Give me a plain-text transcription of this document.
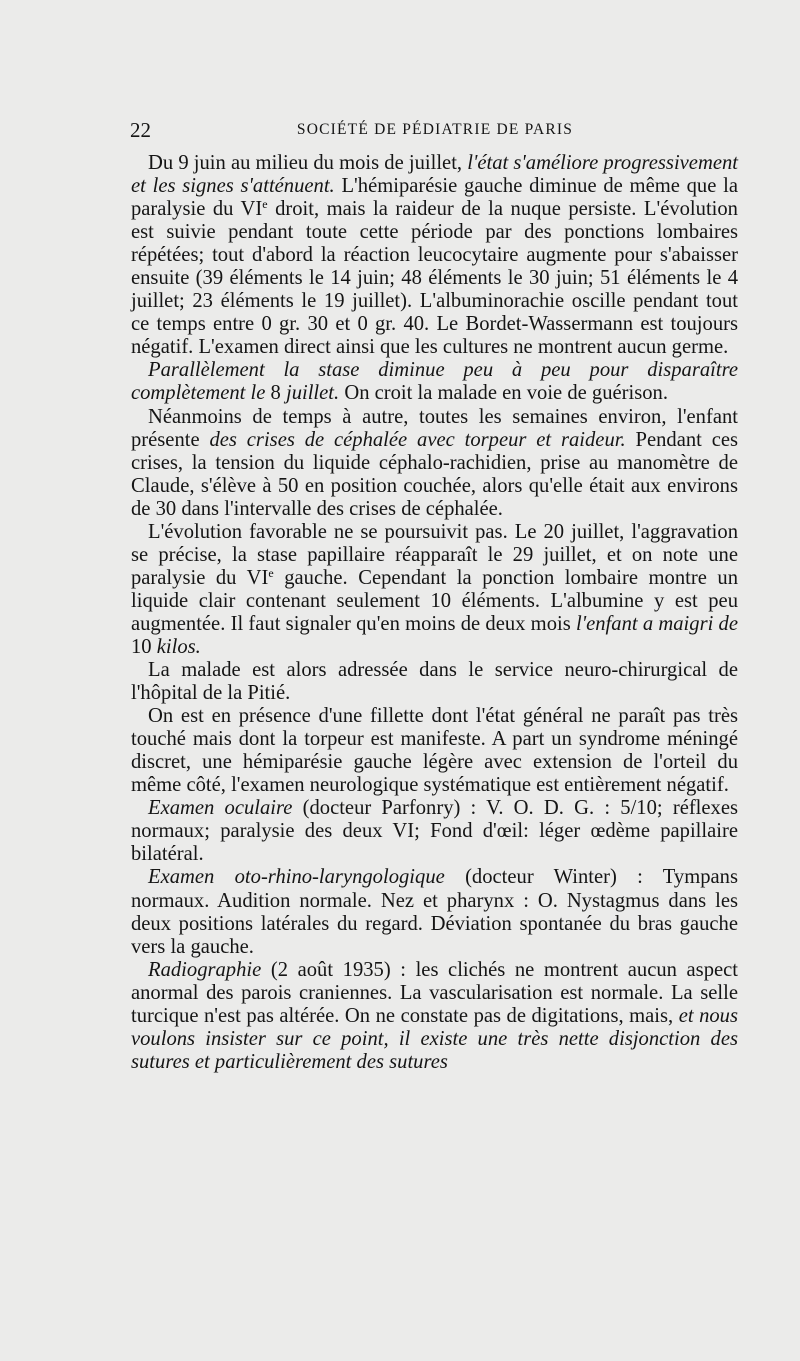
22	SOCIÉTÉ DE PÉDIATRIE DE PARIS

Du 9 juin au milieu du mois de juillet, l'état s'améliore progressivement et les signes s'atténuent. L'hémiparésie gauche diminue de même que la paralysie du VIe droit, mais la raideur de la nuque persiste. L'évolution est suivie pendant toute cette période par des ponctions lombaires répétées; tout d'abord la réaction leucocytaire augmente pour s'abaisser ensuite (39 éléments le 14 juin; 48 éléments le 30 juin; 51 éléments le 4 juillet; 23 éléments le 19 juillet). L'albuminorachie oscille pendant tout ce temps entre 0 gr. 30 et 0 gr. 40. Le Bordet-Wassermann est toujours négatif. L'examen direct ainsi que les cultures ne montrent aucun germe.

Parallèlement la stase diminue peu à peu pour disparaître complètement le 8 juillet. On croit la malade en voie de guérison.

Néanmoins de temps à autre, toutes les semaines environ, l'enfant présente des crises de céphalée avec torpeur et raideur. Pendant ces crises, la tension du liquide céphalo-rachidien, prise au manomètre de Claude, s'élève à 50 en position couchée, alors qu'elle était aux environs de 30 dans l'intervalle des crises de céphalée.

L'évolution favorable ne se poursuivit pas. Le 20 juillet, l'aggravation se précise, la stase papillaire réapparaît le 29 juillet, et on note une paralysie du VIe gauche. Cependant la ponction lombaire montre un liquide clair contenant seulement 10 éléments. L'albumine y est peu augmentée. Il faut signaler qu'en moins de deux mois l'enfant a maigri de 10 kilos.

La malade est alors adressée dans le service neuro-chirurgical de l'hôpital de la Pitié.

On est en présence d'une fillette dont l'état général ne paraît pas très touché mais dont la torpeur est manifeste. A part un syndrome méningé discret, une hémiparésie gauche légère avec extension de l'orteil du même côté, l'examen neurologique systématique est entièrement négatif.

Examen oculaire (docteur Parfonry) : V. O. D. G. : 5/10; réflexes normaux; paralysie des deux VI; Fond d'œil: léger œdème papillaire bilatéral.

Examen oto-rhino-laryngologique (docteur Winter) : Tympans normaux. Audition normale. Nez et pharynx : O. Nystagmus dans les deux positions latérales du regard. Déviation spontanée du bras gauche vers la gauche.

Radiographie (2 août 1935) : les clichés ne montrent aucun aspect anormal des parois craniennes. La vascularisation est normale. La selle turcique n'est pas altérée. On ne constate pas de digitations, mais, et nous voulons insister sur ce point, il existe une très nette disjonction des sutures et particulièrement des sutures
